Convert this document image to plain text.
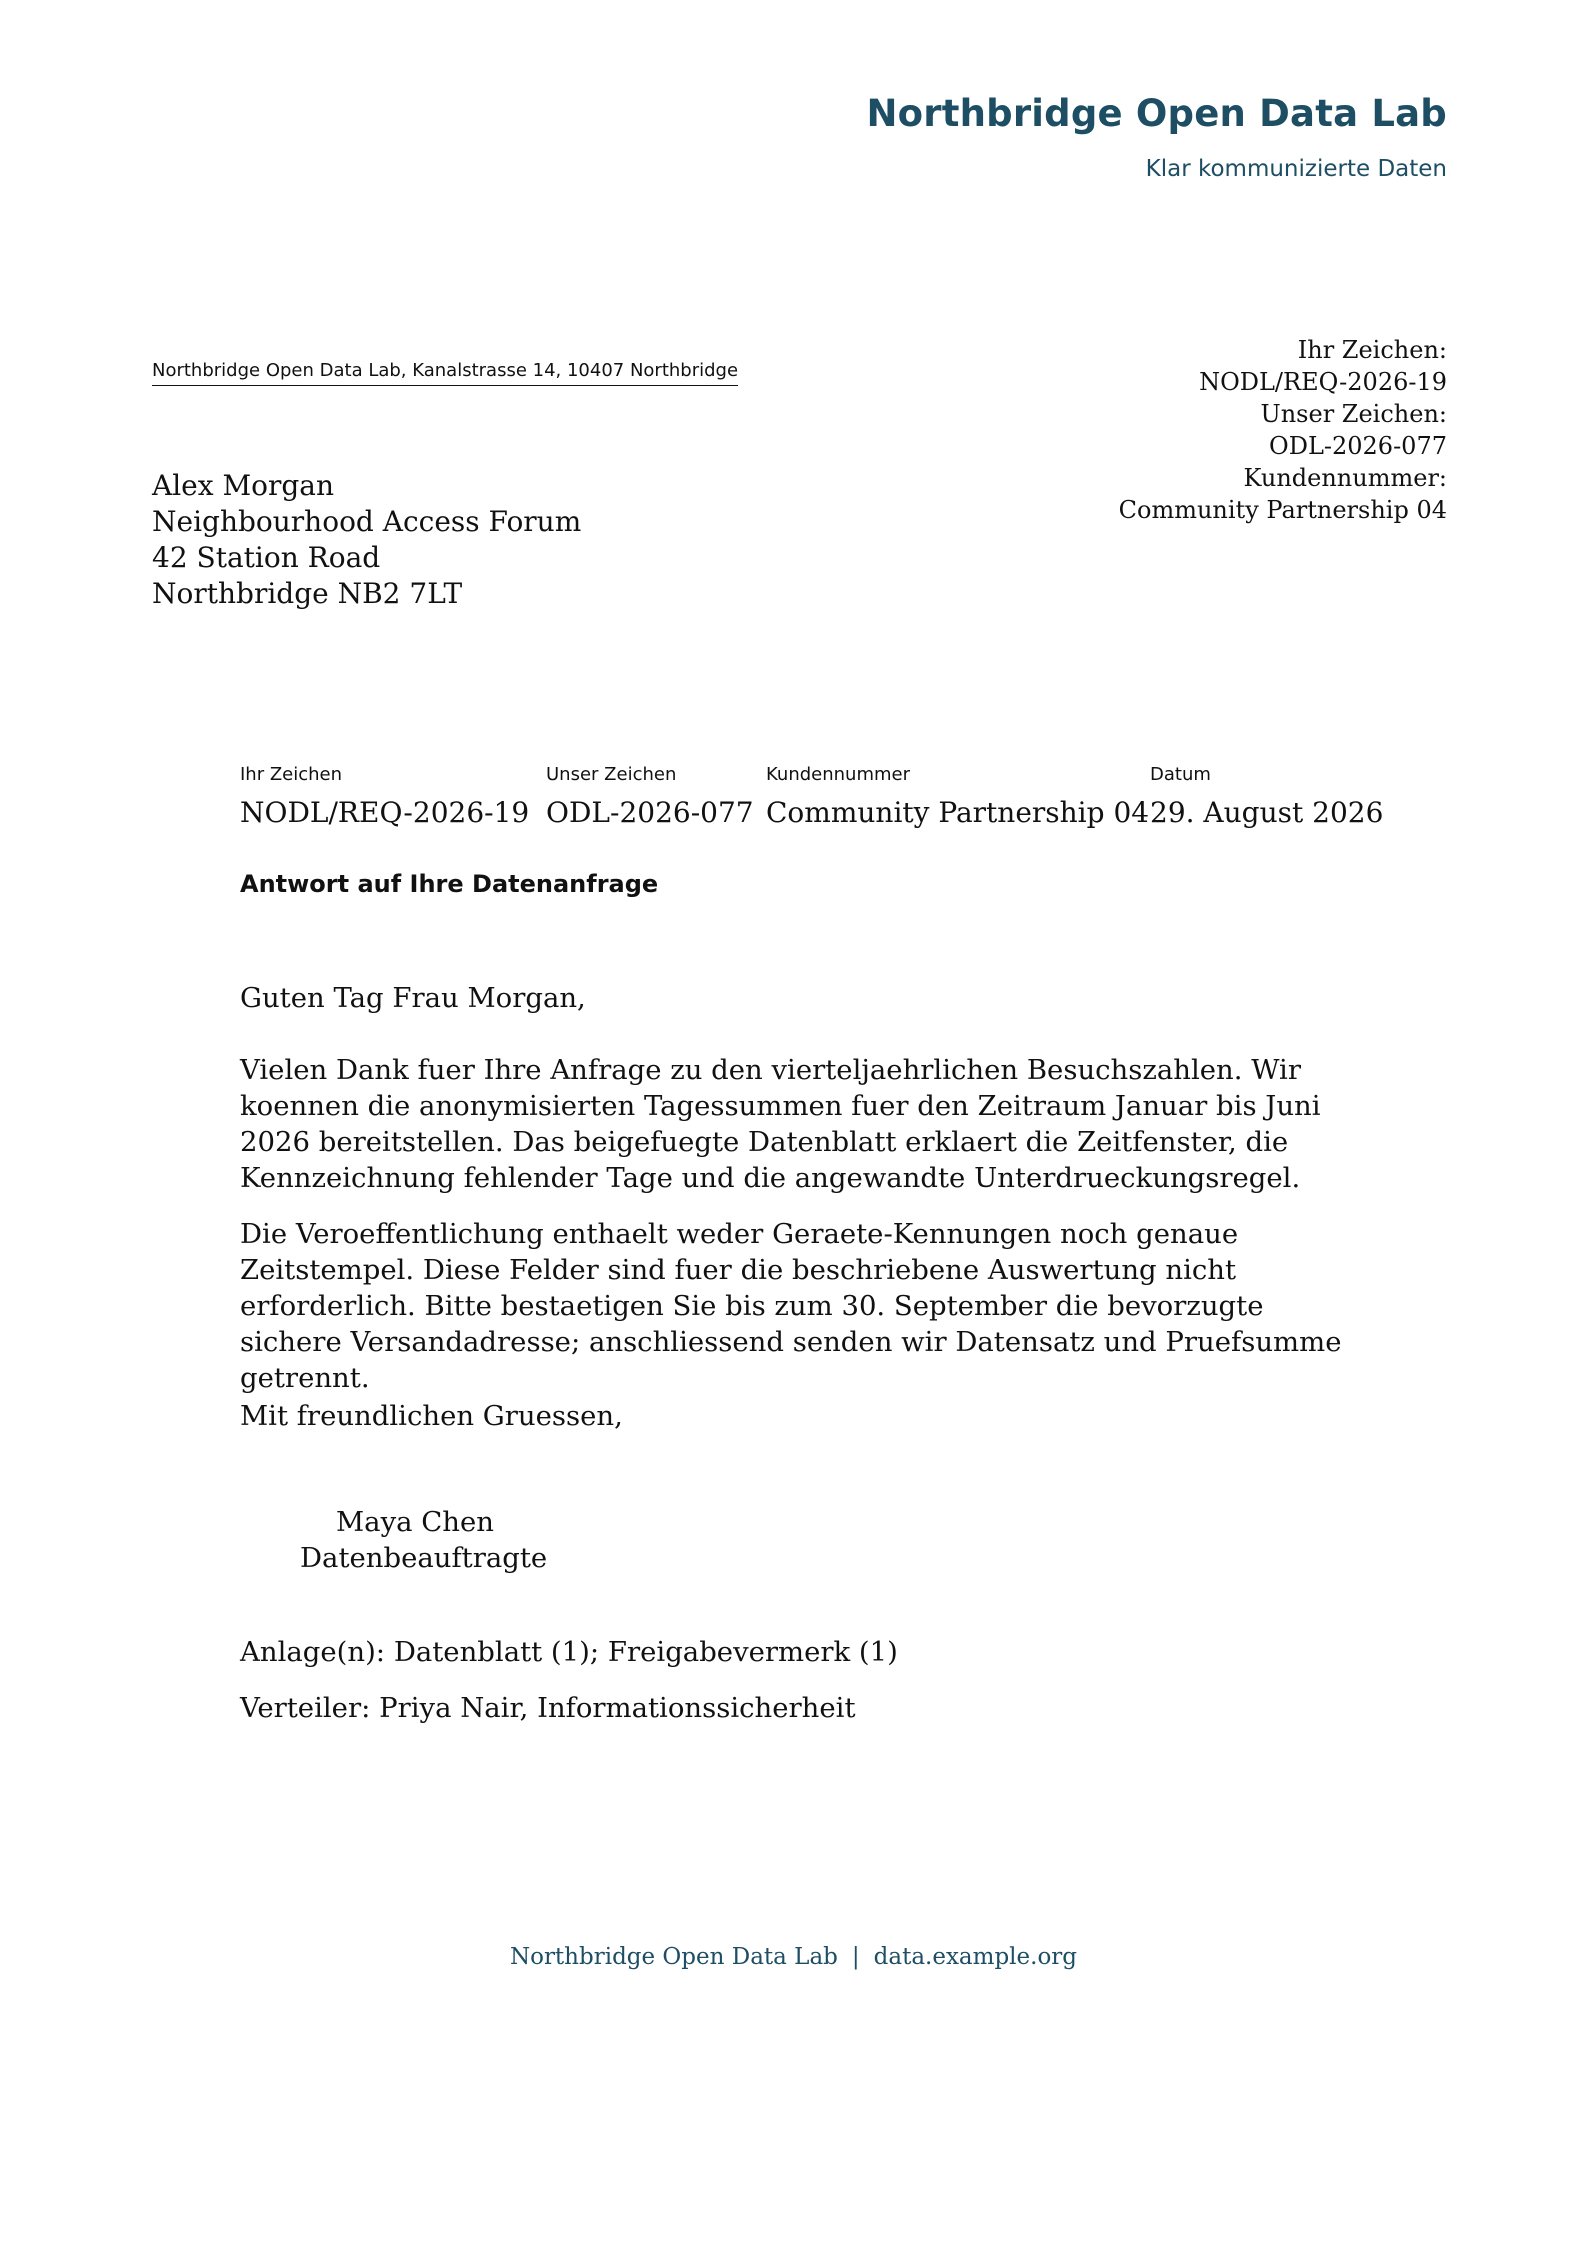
Northbridge Open Data Lab
Klar kommunizierte Daten
Northbridge Open Data Lab, Kanalstrasse 14, 10407 Northbridge
Alex Morgan
Neighbourhood Access Forum
42 Station Road
Northbridge NB2 7LT
Ihr Zeichen:
NODL/REQ-2026-19
Unser Zeichen:
ODL-2026-077
Kundennummer:
Community Partnership 04
Ihr Zeichen
NODL/REQ-2026-19
Unser Zeichen
ODL-2026-077
Kundennummer
Community Partnership 04
Datum
29. August 2026
Antwort auf Ihre Datenanfrage
Guten Tag Frau Morgan,
Vielen Dank fuer Ihre Anfrage zu den vierteljaehrlichen Besuchszahlen. Wir koennen die anonymisierten Tagessummen fuer den Zeitraum Januar bis Juni 2026 bereitstellen. Das beigefuegte Datenblatt erklaert die Zeitfenster, die Kennzeichnung fehlender Tage und die angewandte Unterdrueckungsregel.
Die Veroeffentlichung enthaelt weder Geraete-Kennungen noch genaue Zeitstempel. Diese Felder sind fuer die beschriebene Auswertung nicht erforderlich. Bitte bestaetigen Sie bis zum 30. September die bevorzugte sichere Versandadresse; anschliessend senden wir Datensatz und Pruefsumme getrennt.
Mit freundlichen Gruessen,
Maya Chen
Datenbeauftragte
Anlage(n): Datenblatt (1); Freigabevermerk (1)
Verteiler: Priya Nair, Informationssicherheit
Northbridge Open Data Lab | data.example.org
